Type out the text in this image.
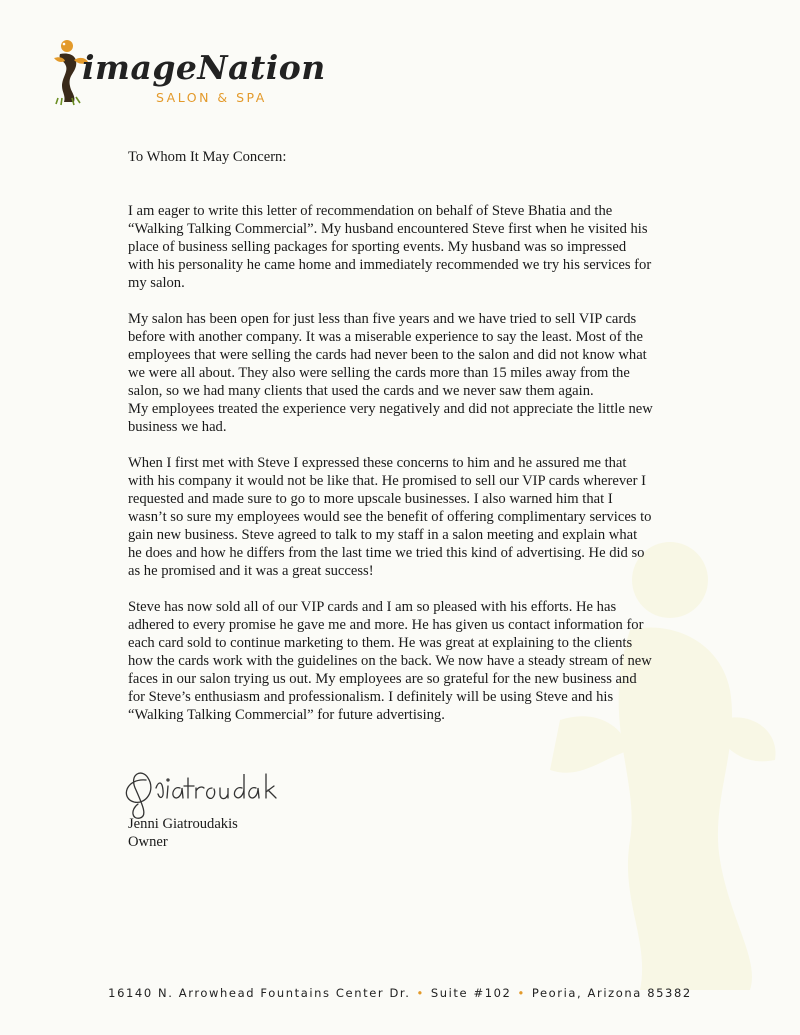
imageNation
SALON & SPA

To Whom It May Concern:

I am eager to write this letter of recommendation on behalf of Steve Bhatia and the
“Walking Talking Commercial”. My husband encountered Steve first when he visited his
place of business selling packages for sporting events. My husband was so impressed
with his personality he came home and immediately recommended we try his services for
my salon.

My salon has been open for just less than five years and we have tried to sell VIP cards
before with another company. It was a miserable experience to say the least. Most of the
employees that were selling the cards had never been to the salon and did not know what
we were all about. They also were selling the cards more than 15 miles away from the
salon, so we had many clients that used the cards and we never saw them again.
My employees treated the experience very negatively and did not appreciate the little new
business we had.

When I first met with Steve I expressed these concerns to him and he assured me that
with his company it would not be like that. He promised to sell our VIP cards wherever I
requested and made sure to go to more upscale businesses. I also warned him that I
wasn’t so sure my employees would see the benefit of offering complimentary services to
gain new business. Steve agreed to talk to my staff in a salon meeting and explain what
he does and how he differs from the last time we tried this kind of advertising. He did so
as he promised and it was a great success!

Steve has now sold all of our VIP cards and I am so pleased with his efforts. He has
adhered to every promise he gave me and more. He has given us contact information for
each card sold to continue marketing to them. He was great at explaining to the clients
how the cards work with the guidelines on the back. We now have a steady stream of new
faces in our salon trying us out. My employees are so grateful for the new business and
for Steve’s enthusiasm and professionalism. I definitely will be using Steve and his
“Walking Talking Commercial” for future advertising.

Jenni Giatroudakis
Owner
16140 N. Arrowhead Fountains Center Dr. • Suite #102 • Peoria, Arizona 85382
